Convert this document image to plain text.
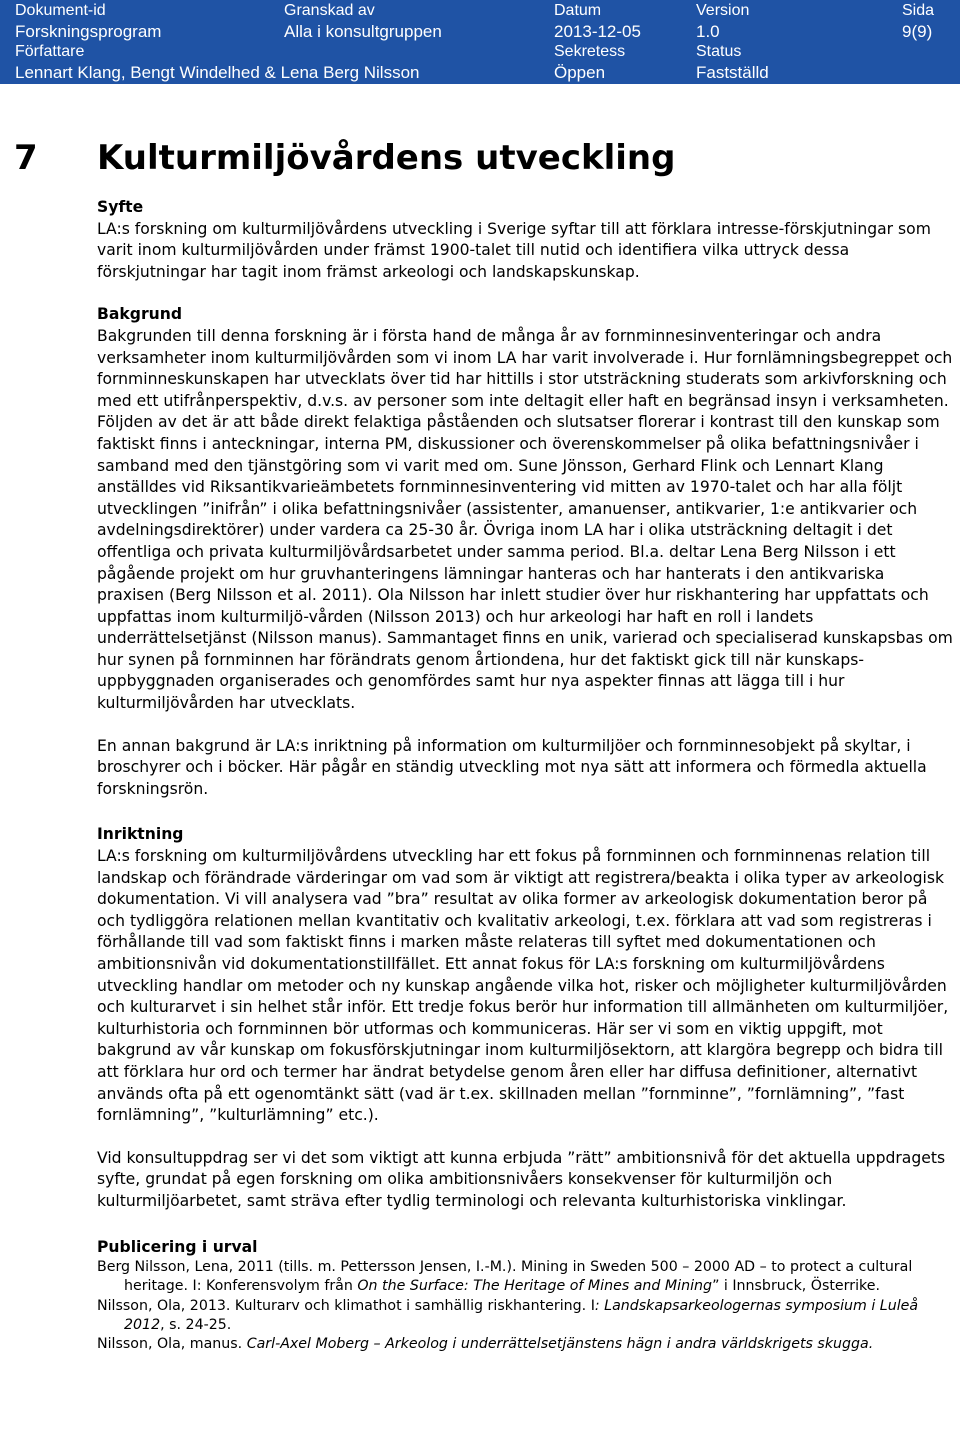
Dokument-id
Forskningsprogram
Granskad av
Alla i konsultgruppen
Datum
2013-12-05
Version
1.0
Sida
9(9)
Författare
Lennart Klang, Bengt Windelhed & Lena Berg Nilsson
Sekretess
Öppen
Status
Fastställd
7 Kulturmiljövårdens utveckling
Syfte

LA:s forskning om kulturmiljövårdens utveckling i Sverige syftar till att förklara intresse-förskjutningar som varit inom kulturmiljövården under främst 1900-talet till nutid och identifiera vilka uttryck dessa förskjutningar har tagit inom främst arkeologi och landskapskunskap.

Bakgrund

Bakgrunden till denna forskning är i första hand de många år av fornminnesinventeringar och andra verksamheter inom kulturmiljövården som vi inom LA har varit involverade i. Hur fornlämningsbegreppet och fornminneskunskapen har utvecklats över tid har hittills i stor utsträckning studerats som arkivforskning och med ett utifrånperspektiv, d.v.s. av personer som inte deltagit eller haft en begränsad insyn i verksamheten. Följden av det är att både direkt felaktiga påståenden och slutsatser florerar i kontrast till den kunskap som faktiskt finns i anteckningar, interna PM, diskussioner och överenskommelser på olika befattningsnivåer i samband med den tjänstgöring som vi varit med om. Sune Jönsson, Gerhard Flink och Lennart Klang anställdes vid Riksantikvarieämbetets fornminnesinventering vid mitten av 1970-talet och har alla följt utvecklingen ”inifrån” i olika befattningsnivåer (assistenter, amanuenser, antikvarier, 1:e antikvarier och avdelningsdirektörer) under vardera ca 25-30 år. Övriga inom LA har i olika utsträckning deltagit i det offentliga och privata kulturmiljövårdsarbetet under samma period. Bl.a. deltar Lena Berg Nilsson i ett pågående projekt om hur gruvhanteringens lämningar hanteras och har hanterats i den antikvariska praxisen (Berg Nilsson et al. 2011). Ola Nilsson har inlett studier över hur riskhantering har uppfattats och uppfattas inom kulturmiljö-vården (Nilsson 2013) och hur arkeologi har haft en roll i landets underrättelsetjänst (Nilsson manus). Sammantaget finns en unik, varierad och specialiserad kunskapsbas om hur synen på fornminnen har förändrats genom årtiondena, hur det faktiskt gick till när kunskaps-uppbyggnaden organiserades och genomfördes samt hur nya aspekter finnas att lägga till i hur kulturmiljövården har utvecklats.

En annan bakgrund är LA:s inriktning på information om kulturmiljöer och fornminnesobjekt på skyltar, i broschyrer och i böcker. Här pågår en ständig utveckling mot nya sätt att informera och förmedla aktuella forskningsrön.

Inriktning

LA:s forskning om kulturmiljövårdens utveckling har ett fokus på fornminnen och fornminnenas relation till landskap och förändrade värderingar om vad som är viktigt att registrera/beakta i olika typer av arkeologisk dokumentation. Vi vill analysera vad ”bra” resultat av olika former av arkeologisk dokumentation beror på och tydliggöra relationen mellan kvantitativ och kvalitativ arkeologi, t.ex. förklara att vad som registreras i förhållande till vad som faktiskt finns i marken måste relateras till syftet med dokumentationen och ambitionsnivån vid dokumentationstillfället. Ett annat fokus för LA:s forskning om kulturmiljövårdens utveckling handlar om metoder och ny kunskap angående vilka hot, risker och möjligheter kulturmiljövården och kulturarvet i sin helhet står inför. Ett tredje fokus berör hur information till allmänheten om kulturmiljöer, kulturhistoria och fornminnen bör utformas och kommuniceras. Här ser vi som en viktig uppgift, mot bakgrund av vår kunskap om fokusförskjutningar inom kulturmiljösektorn, att klargöra begrepp och bidra till att förklara hur ord och termer har ändrat betydelse genom åren eller har diffusa definitioner, alternativt används ofta på ett ogenomtänkt sätt (vad är t.ex. skillnaden mellan ”fornminne”, ”fornlämning”, ”fast fornlämning”, ”kulturlämning” etc.).

Vid konsultuppdrag ser vi det som viktigt att kunna erbjuda ”rätt” ambitionsnivå för det aktuella uppdragets syfte, grundat på egen forskning om olika ambitionsnivåers konsekvenser för kulturmiljön och kulturmiljöarbetet, samt sträva efter tydlig terminologi och relevanta kulturhistoriska vinklingar.

Publicering i urval
Berg Nilsson, Lena, 2011 (tills. m. Pettersson Jensen, I.-M.). Mining in Sweden 500 – 2000 AD – to protect a cultural heritage. I: Konferensvolym från On the Surface: The Heritage of Mines and Mining” i Innsbruck, Österrike.
Nilsson, Ola, 2013. Kulturarv och klimathot i samhällig riskhantering. I: Landskapsarkeologernas symposium i Luleå 2012, s. 24-25.
Nilsson, Ola, manus. Carl-Axel Moberg – Arkeolog i underrättelsetjänstens hägn i andra världskrigets skugga.
